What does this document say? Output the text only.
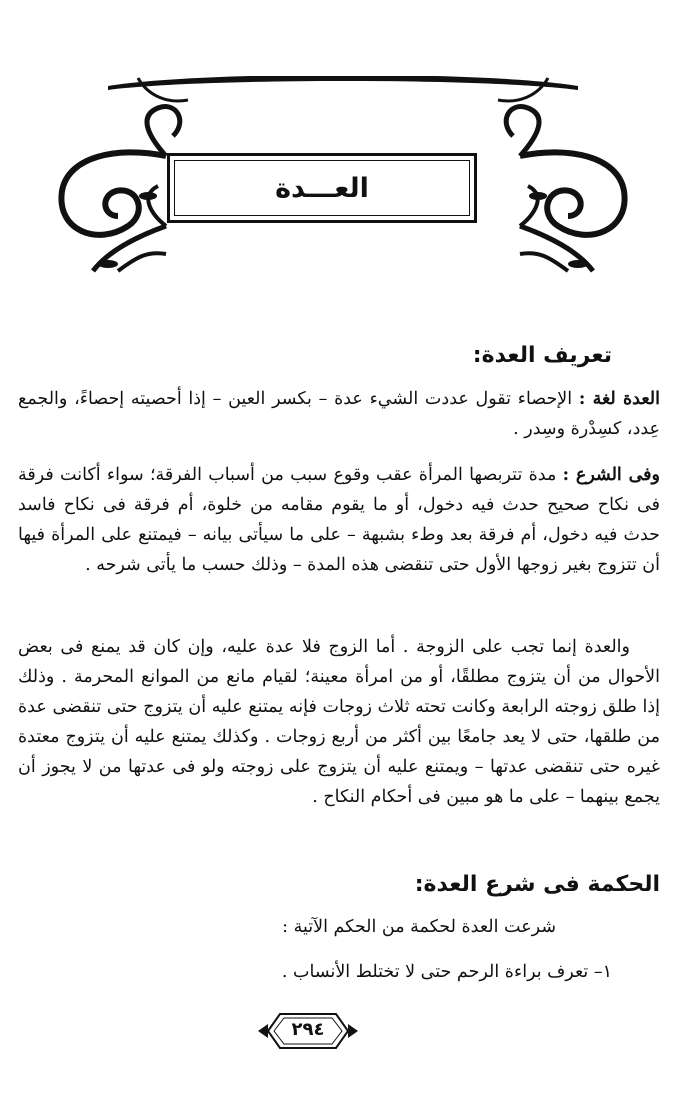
العـــدة
تعريف العدة:
العدة لغة : الإحصاء تقول عددت الشيء عدة – بكسر العين – إذا أحصيته إحصاءً، والجمع عِدد، كسِدْرة وسِدر .
وفى الشرع : مدة تتربصها المرأة عقب وقوع سبب من أسباب الفرقة؛ سواء أكانت فرقة فى نكاح صحيح حدث فيه دخول، أو ما يقوم مقامه من خلوة، أم فرقة فى نكاح فاسد حدث فيه دخول، أم فرقة بعد وطء بشبهة – على ما سيأتى بيانه – فيمتنع على المرأة فيها أن تتزوج بغير زوجها الأول حتى تنقضى هذه المدة – وذلك حسب ما يأتى شرحه .
والعدة إنما تجب على الزوجة . أما الزوج فلا عدة عليه، وإن كان قد يمنع فى بعض الأحوال من أن يتزوج مطلقًا، أو من امرأة معينة؛ لقيام مانع من الموانع المحرمة . وذلك إذا طلق زوجته الرابعة وكانت تحته ثلاث زوجات فإنه يمتنع عليه أن يتزوج حتى تنقضى عدة من طلقها، حتى لا يعد جامعًا بين أكثر من أربع زوجات . وكذلك يمتنع عليه أن يتزوج معتدة غيره حتى تنقضى عدتها – ويمتنع عليه أن يتزوج على زوجته ولو فى عدتها من لا يجوز أن يجمع بينهما – على ما هو مبين فى أحكام النكاح .
الحكمة فى شرع العدة:
شرعت العدة لحكمة من الحكم الآتية :
١– تعرف براءة الرحم حتى لا تختلط الأنساب .
٢٩٤
